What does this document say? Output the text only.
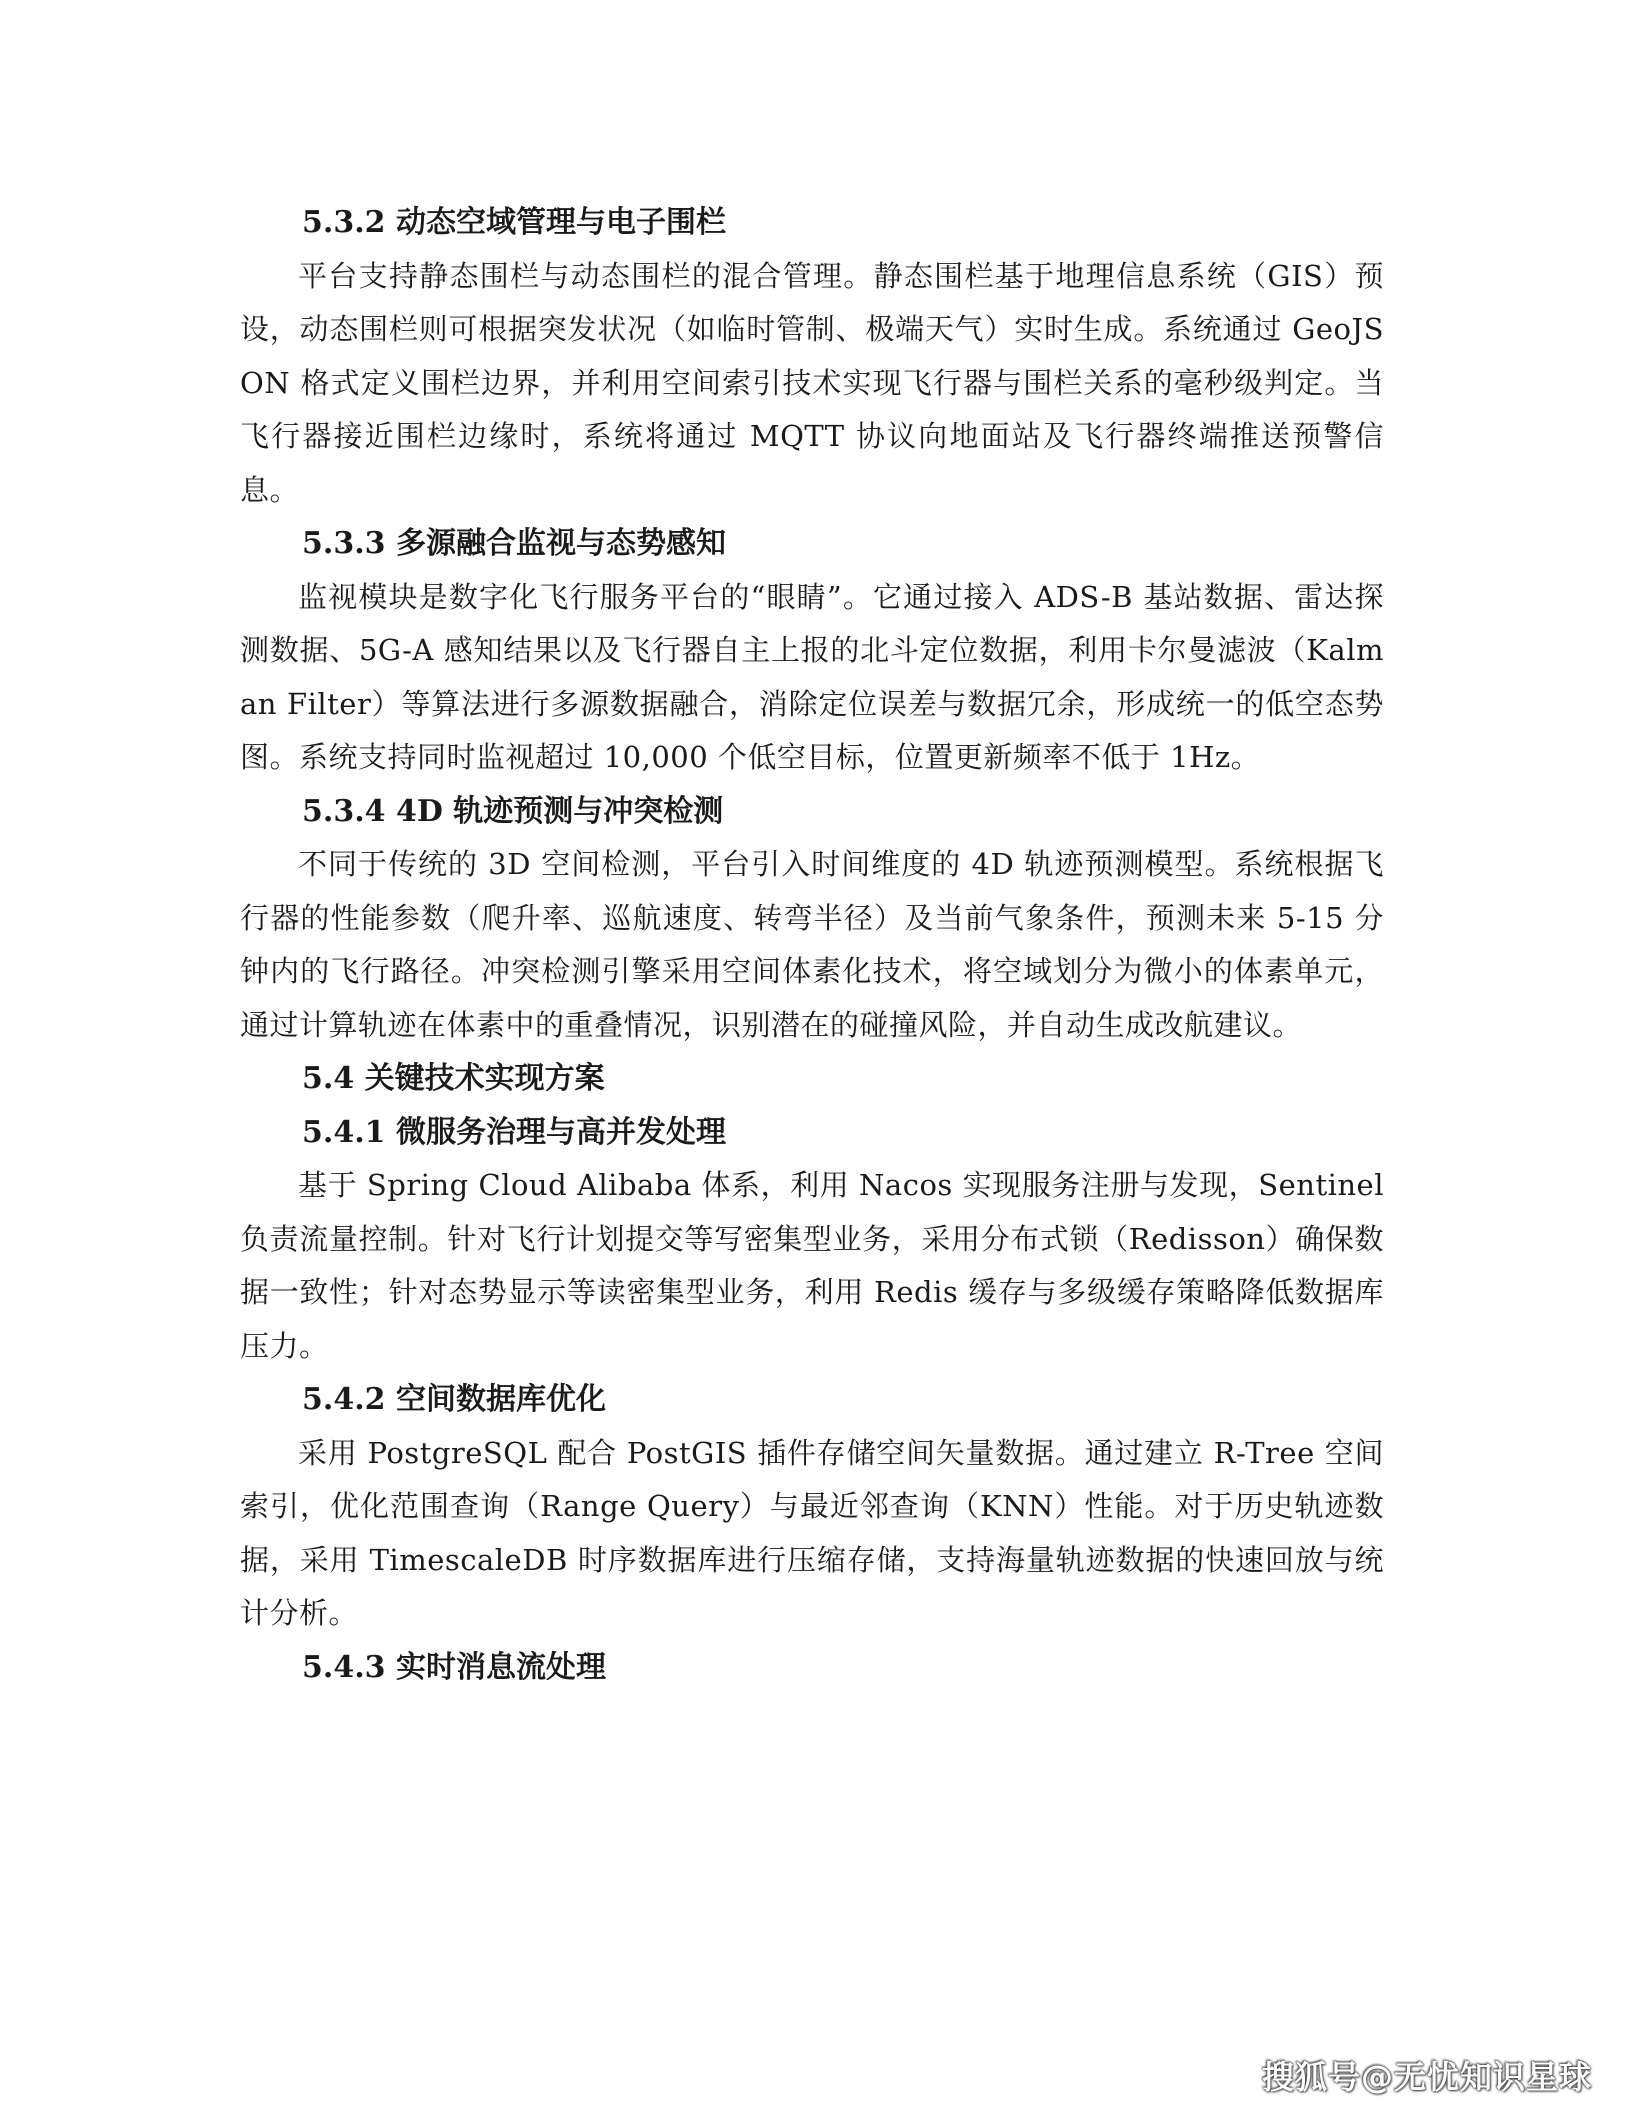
5.3.2 动态空域管理与电子围栏

平台支持静态围栏与动态围栏的混合管理。静态围栏基于地理信息系统（GIS）预设，动态围栏则可根据突发状况（如临时管制、极端天气）实时生成。系统通过 GeoJSON 格式定义围栏边界，并利用空间索引技术实现飞行器与围栏关系的毫秒级判定。当飞行器接近围栏边缘时，系统将通过 MQTT 协议向地面站及飞行器终端推送预警信息。

5.3.3 多源融合监视与态势感知

监视模块是数字化飞行服务平台的“眼睛”。它通过接入 ADS-B 基站数据、雷达探测数据、5G-A 感知结果以及飞行器自主上报的北斗定位数据，利用卡尔曼滤波（Kalman Filter）等算法进行多源数据融合，消除定位误差与数据冗余，形成统一的低空态势图。系统支持同时监视超过 10,000 个低空目标，位置更新频率不低于 1Hz。

5.3.4 4D 轨迹预测与冲突检测

不同于传统的 3D 空间检测，平台引入时间维度的 4D 轨迹预测模型。系统根据飞行器的性能参数（爬升率、巡航速度、转弯半径）及当前气象条件，预测未来 5-15 分钟内的飞行路径。冲突检测引擎采用空间体素化技术，将空域划分为微小的体素单元，通过计算轨迹在体素中的重叠情况，识别潜在的碰撞风险，并自动生成改航建议。

5.4 关键技术实现方案
5.4.1 微服务治理与高并发处理

基于 Spring Cloud Alibaba 体系，利用 Nacos 实现服务注册与发现，Sentinel 负责流量控制。针对飞行计划提交等写密集型业务，采用分布式锁（Redisson）确保数据一致性；针对态势显示等读密集型业务，利用 Redis 缓存与多级缓存策略降低数据库压力。

5.4.2 空间数据库优化

采用 PostgreSQL 配合 PostGIS 插件存储空间矢量数据。通过建立 R-Tree 空间索引，优化范围查询（Range Query）与最近邻查询（KNN）性能。对于历史轨迹数据，采用 TimescaleDB 时序数据库进行压缩存储，支持海量轨迹数据的快速回放与统计分析。

5.4.3 实时消息流处理
搜狐号@无忧知识星球
